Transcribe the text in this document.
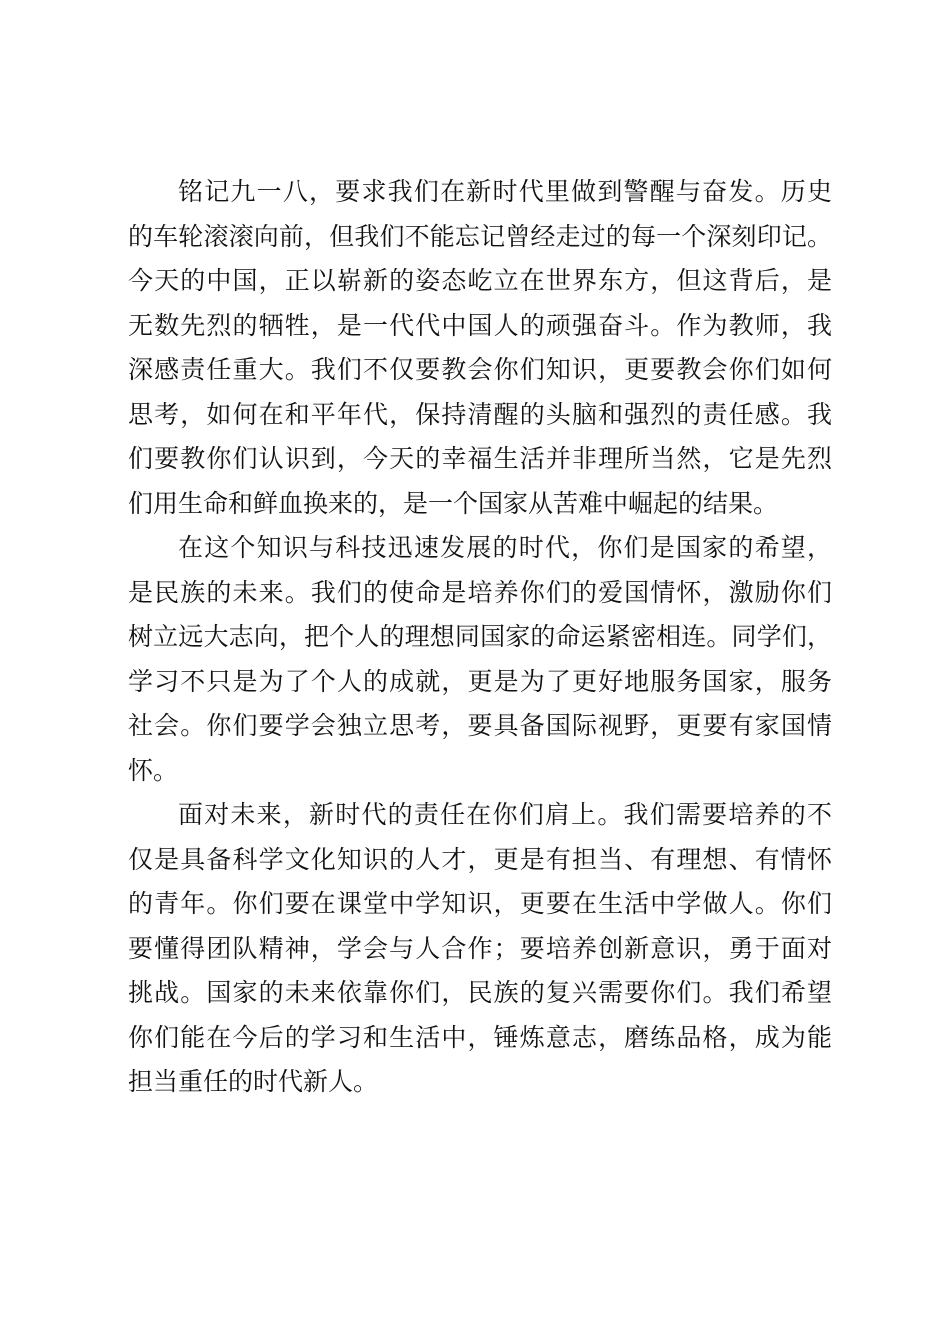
铭记九一八，要求我们在新时代里做到警醒与奋发。历史
的车轮滚滚向前，但我们不能忘记曾经走过的每一个深刻印记。
今天的中国，正以崭新的姿态屹立在世界东方，但这背后，是
无数先烈的牺牲，是一代代中国人的顽强奋斗。作为教师，我
深感责任重大。我们不仅要教会你们知识，更要教会你们如何
思考，如何在和平年代，保持清醒的头脑和强烈的责任感。我
们要教你们认识到，今天的幸福生活并非理所当然，它是先烈
们用生命和鲜血换来的，是一个国家从苦难中崛起的结果。
在这个知识与科技迅速发展的时代，你们是国家的希望，
是民族的未来。我们的使命是培养你们的爱国情怀，激励你们
树立远大志向，把个人的理想同国家的命运紧密相连。同学们，
学习不只是为了个人的成就，更是为了更好地服务国家，服务
社会。你们要学会独立思考，要具备国际视野，更要有家国情
怀。
面对未来，新时代的责任在你们肩上。我们需要培养的不
仅是具备科学文化知识的人才，更是有担当、有理想、有情怀
的青年。你们要在课堂中学知识，更要在生活中学做人。你们
要懂得团队精神，学会与人合作；要培养创新意识，勇于面对
挑战。国家的未来依靠你们，民族的复兴需要你们。我们希望
你们能在今后的学习和生活中，锤炼意志，磨练品格，成为能
担当重任的时代新人。
